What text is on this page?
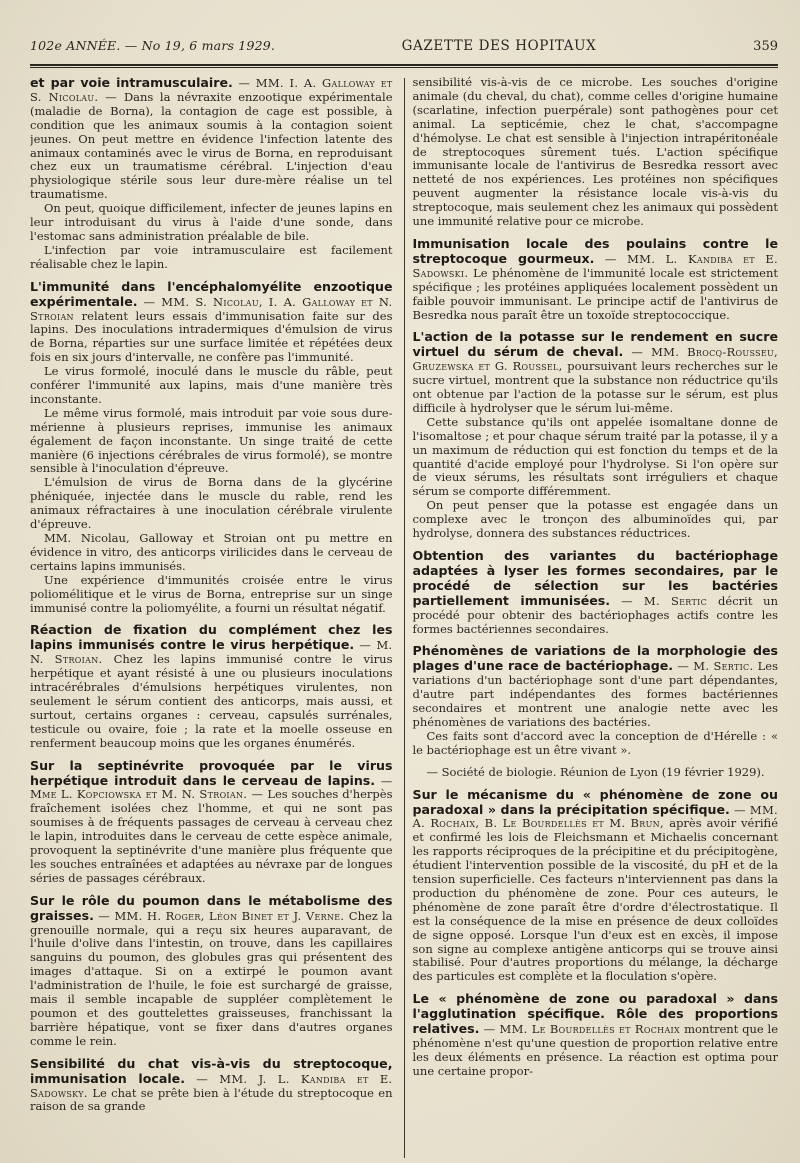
102e ANNÉE. — No 19, 6 mars 1929.	GAZETTE DES HOPITAUX	359

et par voie intramusculaire. — MM. I. A. Galloway et S. Nicolau. — Dans la névraxite enzootique expérimentale (maladie de Borna), la contagion de cage est possible, à condition que les animaux soumis à la contagion soient jeunes. On peut mettre en évidence l'infection latente des animaux contaminés avec le virus de Borna, en reproduisant chez eux un traumatisme cérébral. L'injection d'eau physiologique stérile sous leur dure-mère réalise un tel traumatisme.

On peut, quoique difficilement, infecter de jeunes lapins en leur introduisant du virus à l'aide d'une sonde, dans l'estomac sans administration préalable de bile.

L'infection par voie intramusculaire est facilement réalisable chez le lapin.

L'immunité dans l'encéphalomyélite enzootique expérimentale. — MM. S. Nicolau, I. A. Galloway et N. Stroian relatent leurs essais d'immunisation faite sur des lapins. Des inoculations intradermiques d'émulsion de virus de Borna, réparties sur une surface limitée et répétées deux fois en six jours d'intervalle, ne confère pas l'immunité.

Le virus formolé, inoculé dans le muscle du râble, peut conférer l'immunité aux lapins, mais d'une manière très inconstante.

Le même virus formolé, mais introduit par voie sous dure-mérienne à plusieurs reprises, immunise les animaux également de façon inconstante. Un singe traité de cette manière (6 injections cérébrales de virus formolé), se montre sensible à l'inoculation d'épreuve.

L'émulsion de virus de Borna dans de la glycérine phéniquée, injectée dans le muscle du rable, rend les animaux réfractaires à une inoculation cérébrale virulente d'épreuve.

MM. Nicolau, Galloway et Stroian ont pu mettre en évidence in vitro, des anticorps virilicides dans le cerveau de certains lapins immunisés.

Une expérience d'immunités croisée entre le virus poliomélitique et le virus de Borna, entreprise sur un singe immunisé contre la poliomyélite, a fourni un résultat négatif.

Réaction de fixation du complément chez les lapins immunisés contre le virus herpétique. — M. N. Stroian. Chez les lapins immunisé contre le virus herpétique et ayant résisté à une ou plusieurs inoculations intracérébrales d'émulsions herpétiques virulentes, non seulement le sérum contient des anticorps, mais aussi, et surtout, certains organes : cerveau, capsulés surrénales, testicule ou ovaire, foie ; la rate et la moelle osseuse en renferment beaucoup moins que les organes énumérés.

Sur la septinévrite provoquée par le virus herpétique introduit dans le cerveau de lapins. — Mme L. Kopciowska et M. N. Stroian. — Les souches d'herpès fraîchement isolées chez l'homme, et qui ne sont pas soumises à de fréquents passages de cerveau à cerveau chez le lapin, introduites dans le cerveau de cette espèce animale, provoquent la septinévrite d'une manière plus fréquente que les souches entraînées et adaptées au névraxe par de longues séries de passages cérébraux.

Sur le rôle du poumon dans le métabolisme des graisses. — MM. H. Roger, Léon Binet et J. Verne. Chez la grenouille normale, qui a reçu six heures auparavant, de l'huile d'olive dans l'intestin, on trouve, dans les capillaires sanguins du poumon, des globules gras qui présentent des images d'attaque. Si on a extirpé le poumon avant l'administration de l'huile, le foie est surchargé de graisse, mais il semble incapable de suppléer complètement le poumon et des gouttelettes graisseuses, franchissant la barrière hépatique, vont se fixer dans d'autres organes comme le rein.

Sensibilité du chat vis-à-vis du streptocoque, immunisation locale. — MM. J. L. Kandiba et E. Sadowsky. Le chat se prête bien à l'étude du streptocoque en raison de sa grande

sensibilité vis-à-vis de ce microbe. Les souches d'origine animale (du cheval, du chat), comme celles d'origine humaine (scarlatine, infection puerpérale) sont pathogènes pour cet animal. La septicémie, chez le chat, s'accompagne d'hémolyse. Le chat est sensible à l'injection intrapéritonéale de streptocoques sûrement tués. L'action spécifique immunisante locale de l'antivirus de Besredka ressort avec netteté de nos expériences. Les protéines non spécifiques peuvent augmenter la résistance locale vis-à-vis du streptocoque, mais seulement chez les animaux qui possèdent une immunité relative pour ce microbe.

Immunisation locale des poulains contre le streptocoque gourmeux. — MM. L. Kandiba et E. Sadowski. Le phénomène de l'immunité locale est strictement spécifique ; les protéines appliquées localement possèdent un faible pouvoir immunisant. Le principe actif de l'antivirus de Besredka nous paraît être un toxoïde streptococcique.

L'action de la potasse sur le rendement en sucre virtuel du sérum de cheval. — MM. Brocq-Rousseu, Gruzewska et G. Roussel, poursuivant leurs recherches sur le sucre virtuel, montrent que la substance non réductrice qu'ils ont obtenue par l'action de la potasse sur le sérum, est plus difficile à hydrolyser que le sérum lui-même.

Cette substance qu'ils ont appelée isomaltane donne de l'isomaltose ; et pour chaque sérum traité par la potasse, il y a un maximum de réduction qui est fonction du temps et de la quantité d'acide employé pour l'hydrolyse. Si l'on opère sur de vieux sérums, les résultats sont irréguliers et chaque sérum se comporte différemment.

On peut penser que la potasse est engagée dans un complexe avec le tronçon des albuminoïdes qui, par hydrolyse, donnera des substances réductrices.

Obtention des variantes du bactériophage adaptées à lyser les formes secondaires, par le procédé de sélection sur les bactéries partiellement immunisées. — M. Sertic décrit un procédé pour obtenir des bactériophages actifs contre les formes bactériennes secondaires.

Phénomènes de variations de la morphologie des plages d'une race de bactériophage. — M. Sertic. Les variations d'un bactériophage sont d'une part dépendantes, d'autre part indépendantes des formes bactériennes secondaires et montrent une analogie nette avec les phénomènes de variations des bactéries.

Ces faits sont d'accord avec la conception de d'Hérelle : « le bactériophage est un être vivant ».

— Société de biologie. Réunion de Lyon (19 février 1929).

Sur le mécanisme du « phénomène de zone ou paradoxal » dans la précipitation spécifique. — MM. A. Rochaix, B. Le Bourdellès et M. Brun, après avoir vérifié et confirmé les lois de Fleichsmann et Michaelis concernant les rapports réciproques de la précipitine et du précipitogène, étudient l'intervention possible de la viscosité, du pH et de la tension superficielle. Ces facteurs n'interviennent pas dans la production du phénomène de zone. Pour ces auteurs, le phénomène de zone paraît être d'ordre d'électrostatique. Il est la conséquence de la mise en présence de deux colloïdes de signe opposé. Lorsque l'un d'eux est en excès, il impose son signe au complexe antigène anticorps qui se trouve ainsi stabilisé. Pour d'autres proportions du mélange, la décharge des particules est complète et la floculation s'opère.

Le « phénomène de zone ou paradoxal » dans l'agglutination spécifique. Rôle des proportions relatives. — MM. Le Bourdellès et Rochaix montrent que le phénomène n'est qu'une question de proportion relative entre les deux éléments en présence. La réaction est optima pour une certaine propor-
